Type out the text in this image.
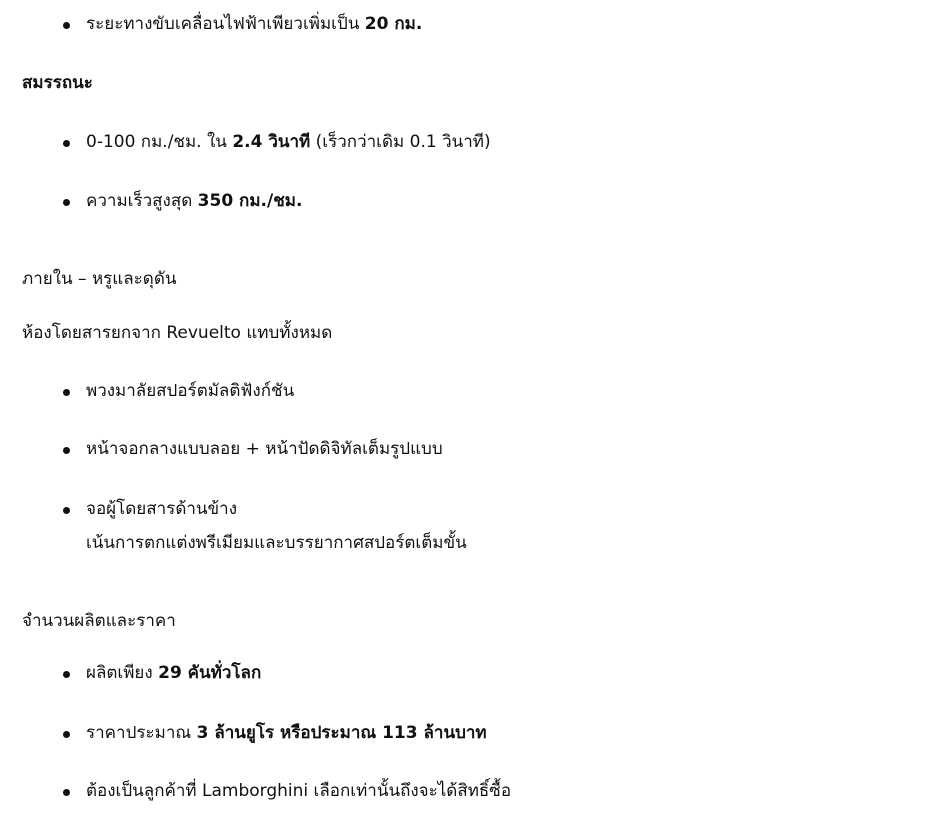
ระยะทางขับเคลื่อนไฟฟ้าเพียวเพิ่มเป็น 20 กม.
สมรรถนะ
0-100 กม./ชม. ใน 2.4 วินาที (เร็วกว่าเดิม 0.1 วินาที)
ความเร็วสูงสุด 350 กม./ชม.
ภายใน – หรูและดุดัน
ห้องโดยสารยกจาก Revuelto แทบทั้งหมด
พวงมาลัยสปอร์ตมัลติฟังก์ชัน
หน้าจอกลางแบบลอย + หน้าปัดดิจิทัลเต็มรูปแบบ
จอผู้โดยสารด้านข้าง
เน้นการตกแต่งพรีเมียมและบรรยากาศสปอร์ตเต็มขั้น
จำนวนผลิตและราคา
ผลิตเพียง 29 คันทั่วโลก
ราคาประมาณ 3 ล้านยูโร หรือประมาณ 113 ล้านบาท
ต้องเป็นลูกค้าที่ Lamborghini เลือกเท่านั้นถึงจะได้สิทธิ์ซื้อ
